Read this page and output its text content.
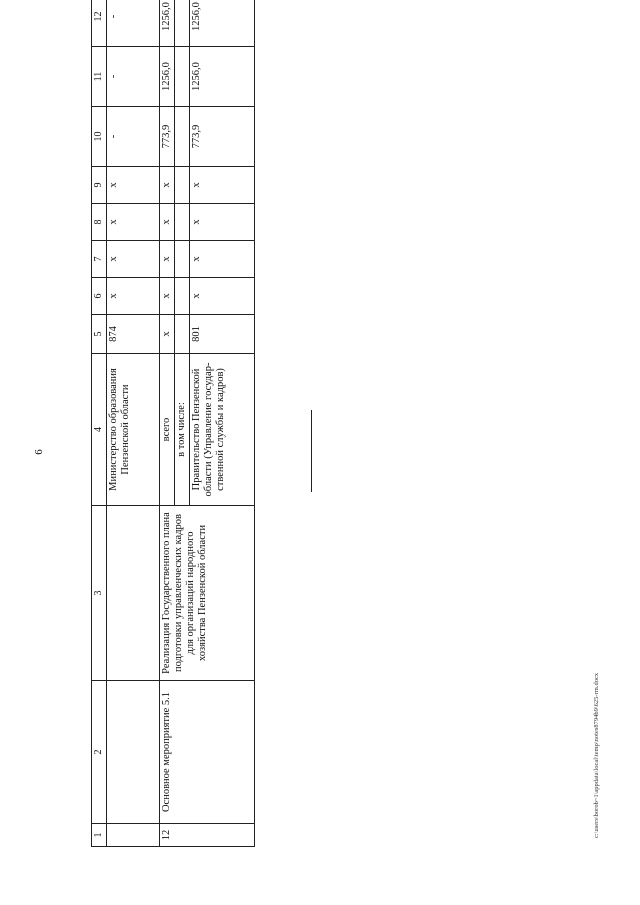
6
c:\users\borob~1\appdata\local\temp\notes8794b9\625-rm.docx
1	2	3	4	5	6	7	8	9	10	11	12	
			Министерство образования Пензенской области	874	х	х	х	х	-	-	-	
12	Основное мероприятие 5.1	Реализация Государственного плана подготовки управленческих кадров для организаций народного хозяйства Пензенской области	всего	х	х	х	х	х	773,9	1256,0	1256,0	
			в том числе:									
			Правительство Пензенской области (Управление государ-ственной службы и кадров)	801	х	х	х	х	773,9	1256,0	1256,0	
